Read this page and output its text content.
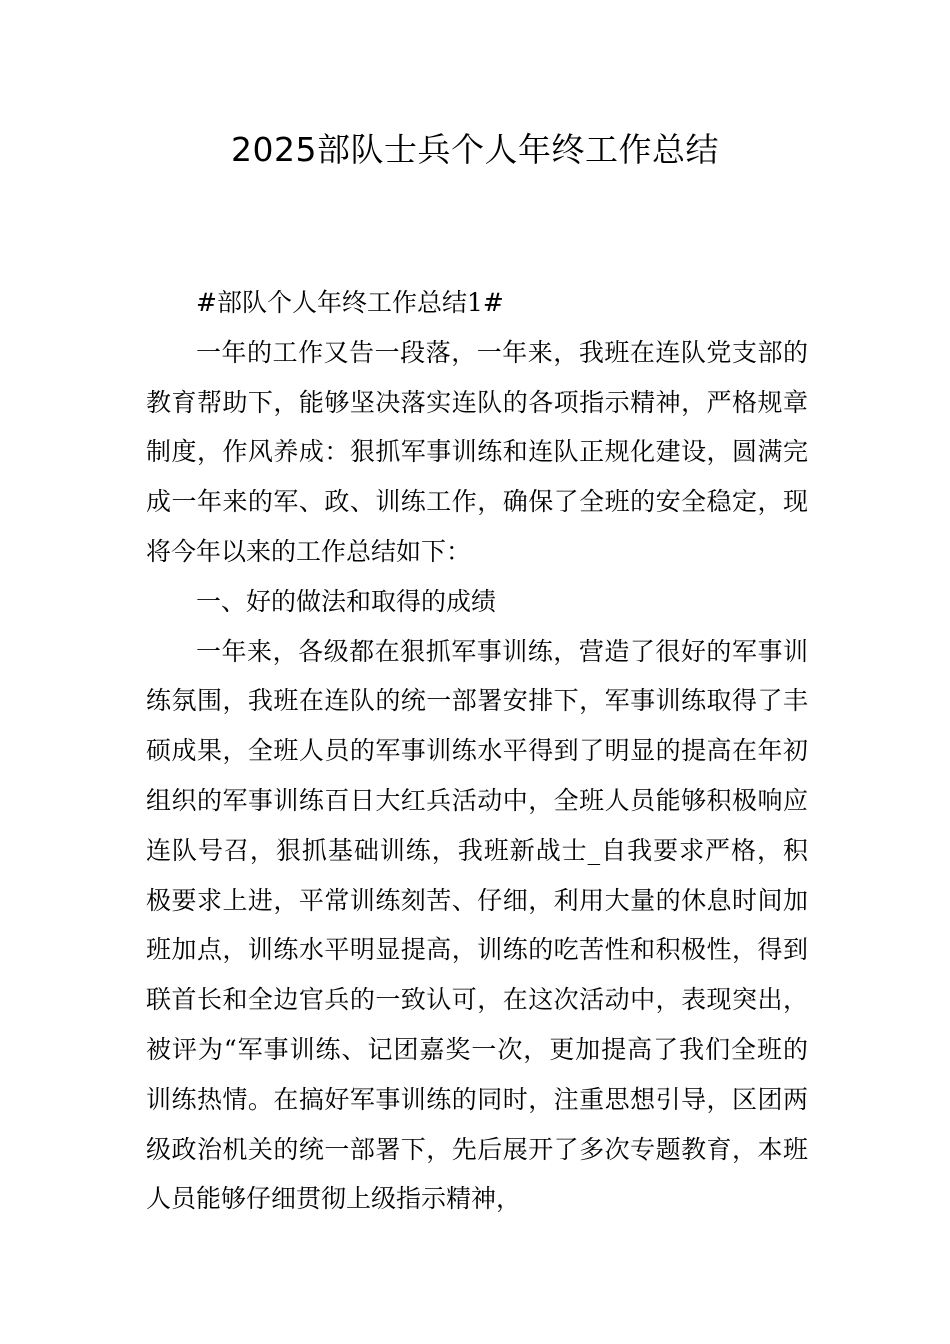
2025部队士兵个人年终工作总结

#部队个人年终工作总结1#

一年的工作又告一段落，一年来，我班在连队党支部的教育帮助下，能够坚决落实连队的各项指示精神，严格规章制度，作风养成：狠抓军事训练和连队正规化建设，圆满完成一年来的军、政、训练工作，确保了全班的安全稳定，现将今年以来的工作总结如下：

一、好的做法和取得的成绩

一年来，各级都在狠抓军事训练，营造了很好的军事训练氛围，我班在连队的统一部署安排下，军事训练取得了丰硕成果，全班人员的军事训练水平得到了明显的提高在年初组织的军事训练百日大红兵活动中，全班人员能够积极响应连队号召，狠抓基础训练，我班新战士_自我要求严格，积极要求上进，平常训练刻苦、仔细，利用大量的休息时间加班加点，训练水平明显提高，训练的吃苦性和积极性，得到联首长和全边官兵的一致认可，在这次活动中，表现突出，被评为“军事训练、记团嘉奖一次，更加提高了我们全班的训练热情。在搞好军事训练的同时，注重思想引导，区团两级政治机关的统一部署下，先后展开了多次专题教育，本班人员能够仔细贯彻上级指示精神，
